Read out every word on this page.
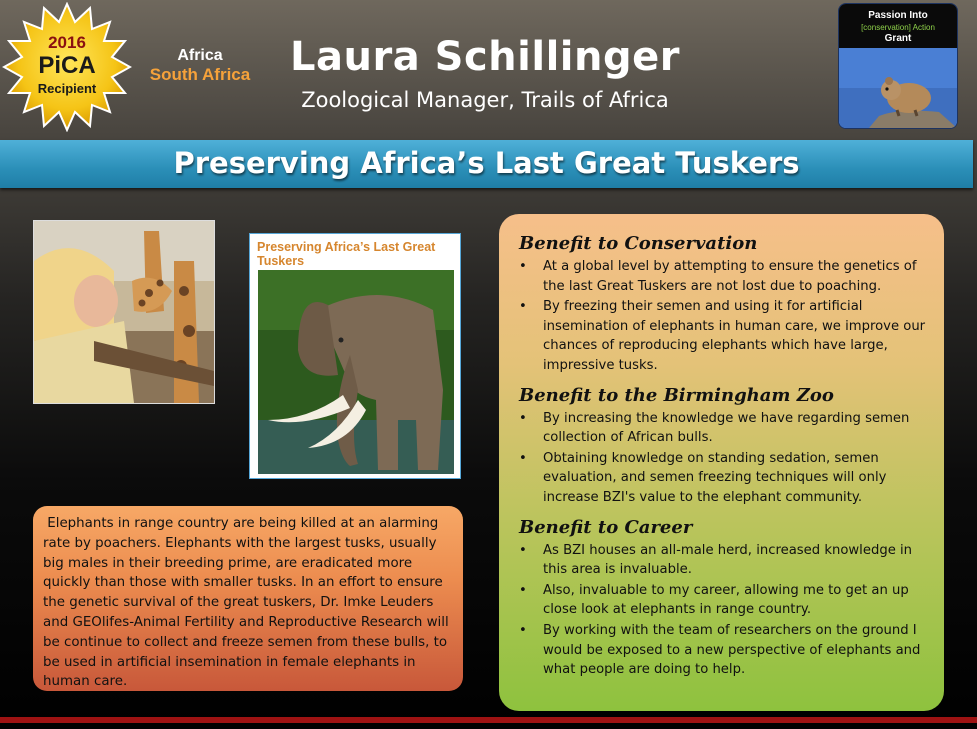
2016
PiCA
Recipient
Africa
South Africa Laura Schillinger
Zoological Manager, Trails of Africa
Passion Into
[conservation] Action
Grant
Preserving Africa’s Last Great Tuskers
Preserving Africa’s Last Great Tuskers
Elephants in range country are being killed at an alarming rate by poachers. Elephants with the largest tusks, usually big males in their breeding prime, are eradicated more quickly than those with smaller tusks. In an effort to ensure the genetic survival of the great tuskers, Dr. Imke Leuders and GEOlifes-Animal Fertility and Reproductive Research will be continue to collect and freeze semen from these bulls, to be used in artificial insemination in female elephants in human care.
Benefit to Conservation
• At a global level by attempting to ensure the genetics of the last Great Tuskers are not lost due to poaching.
• By freezing their semen and using it for artificial insemination of elephants in human care, we improve our chances of reproducing elephants which have large, impressive tusks.
Benefit to the Birmingham Zoo
• By increasing the knowledge we have regarding semen collection of African bulls.
• Obtaining knowledge on standing sedation, semen evaluation, and semen freezing techniques will only increase BZI's value to the elephant community.
Benefit to Career
• As BZI houses an all-male herd, increased knowledge in this area is invaluable.
• Also, invaluable to my career, allowing me to get an up close look at elephants in range country.
• By working with the team of researchers on the ground I would be exposed to a new perspective of elephants and what people are doing to help.
